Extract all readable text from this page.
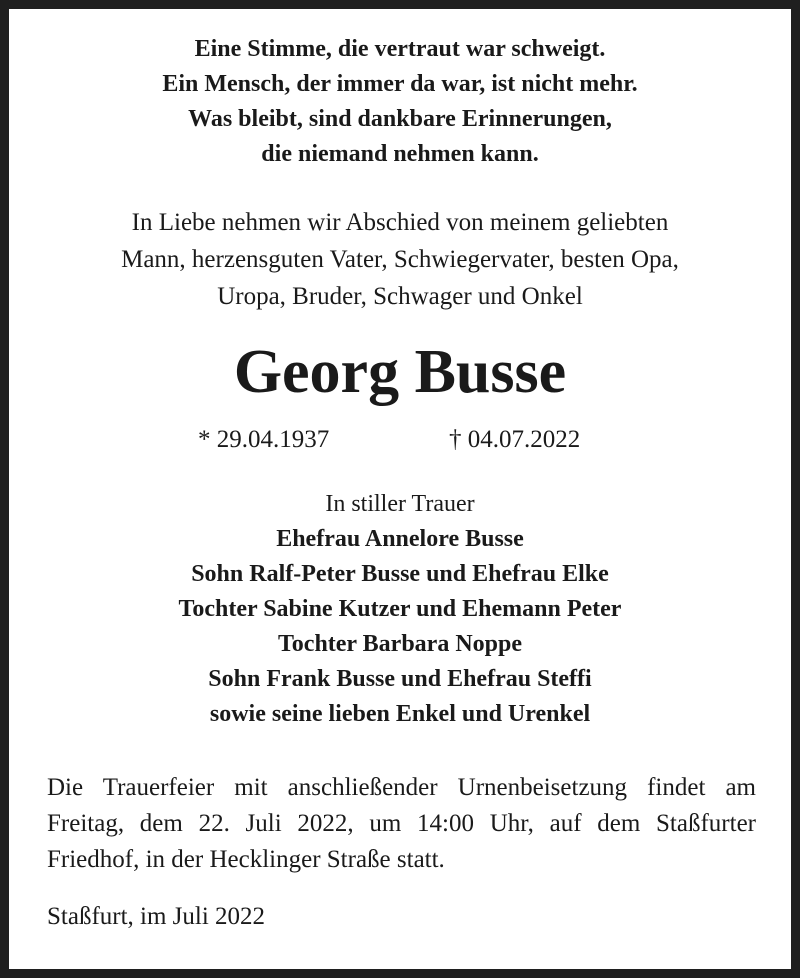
Eine Stimme, die vertraut war schweigt.
Ein Mensch, der immer da war, ist nicht mehr.
Was bleibt, sind dankbare Erinnerungen,
die niemand nehmen kann.
In Liebe nehmen wir Abschied von meinem geliebten
Mann, herzensguten Vater, Schwiegervater, besten Opa,
Uropa, Bruder, Schwager und Onkel
Georg Busse
* 29.04.1937	† 04.07.2022
In stiller Trauer
Ehefrau Annelore Busse
Sohn Ralf-Peter Busse und Ehefrau Elke
Tochter Sabine Kutzer und Ehemann Peter
Tochter Barbara Noppe
Sohn Frank Busse und Ehefrau Steffi
sowie seine lieben Enkel und Urenkel
Die Trauerfeier mit anschließender Urnenbeisetzung findet am Freitag, dem 22. Juli 2022, um 14:00 Uhr, auf dem Staßfurter Friedhof, in der Hecklinger Straße statt.
Staßfurt, im Juli 2022
